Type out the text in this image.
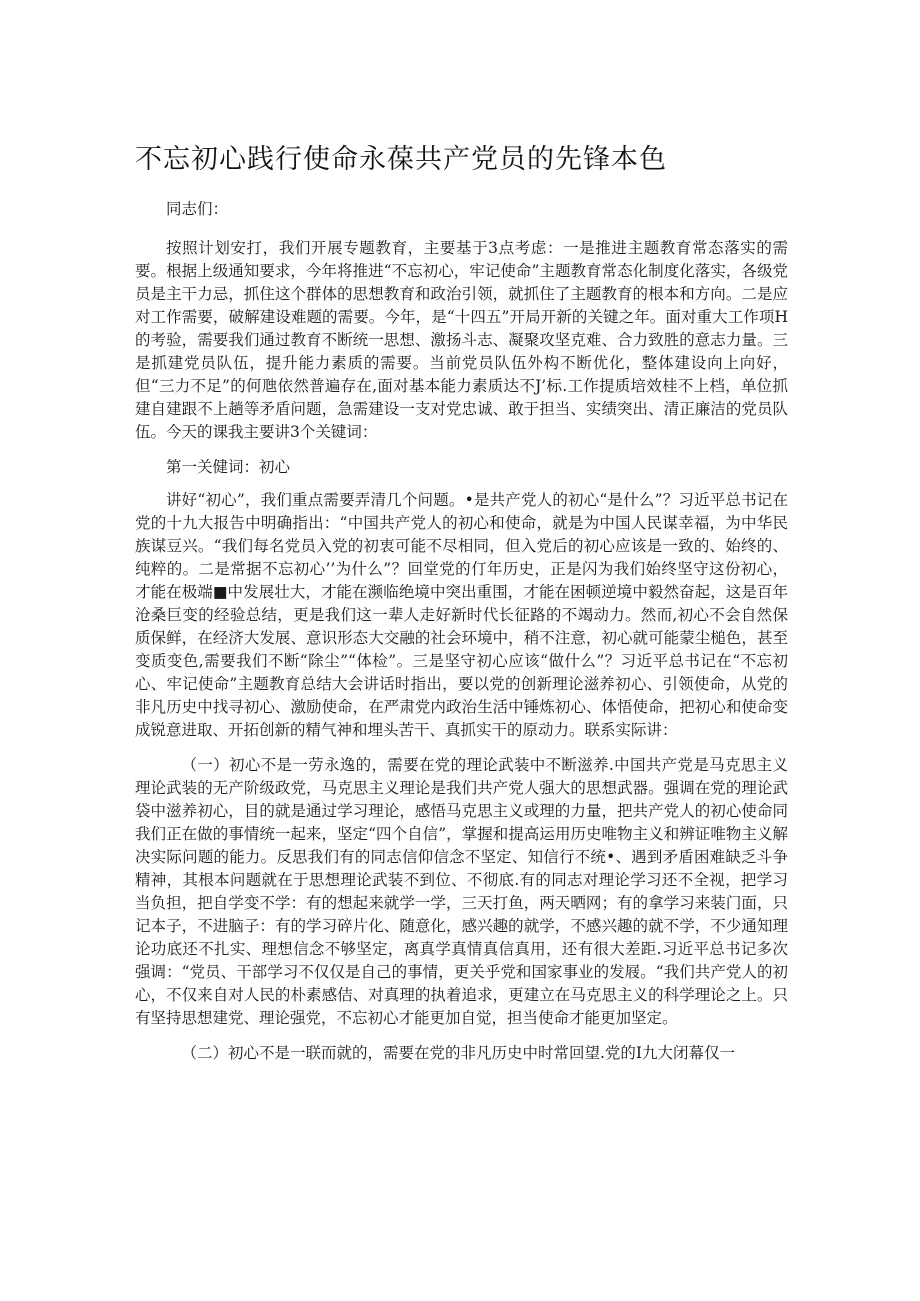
不忘初心践行使命永葆共产党员的先锋本色

同志们：

按照计划安打，我们开展专题教育，主要基于3点考虑：一是推进主题教育常态落实的需要。根据上级通知要求，今年将推进“不忘初心，牢记使命”主题教育常态化制度化落实，各级党员是主干力忌，抓住这个群体的思想教育和政治引领，就抓住了主题教育的根本和方向。二是应对工作需要，破解建设难题的需要。今年，是“十四五”开局开新的关键之年。面对重大工作项H的考验，需要我们通过教育不断统一思想、激扬斗志、凝聚攻坚克难、合力致胜的意志力量。三是抓建党员队伍，提升能力素质的需要。当前党员队伍外构不断优化，整体建设向上向好，但“三力不足”的何虺依然普遍存在,面对基本能力素质达不J’标.工作提质培效桂不上档，单位抓建自建跟不上趟等矛盾问题，急需建设一支对党忠诚、敢于担当、实绩突出、清正廉洁的党员队伍。今天的课我主要讲3个关键词：

第一关健词：初心

讲好“初心”，我们重点需要弄清几个问题。•是共产党人的初心“是什么”？习近平总书记在党的十九大报告中明确指出：“中国共产党人的初心和使命，就是为中国人民谋幸福，为中华民族谋豆兴。“我们每名党员入党的初衷可能不尽相同，但入党后的初心应该是一致的、始终的、纯粹的。二是常据不忘初心’’为什么”？回堂党的仃年历史，正是闪为我们始终坚守这份初心，才能在极端■中发展壮大，才能在濒临绝境中突出重围，才能在困顿逆境中毅然奋起，这是百年沧桑巨变的经验总结，更是我们这一辈人走好新时代长征路的不竭动力。然而,初心不会自然保质保鲜，在经济大发展、意识形态大交融的社会环境中，稍不注意，初心就可能蒙尘槌色，甚至变质变色,需要我们不断“除尘”“体检”。三是坚守初心应该“做什么”？习近平总书记在“不忘初心、牢记使命”主题教育总结大会讲话时指出，要以党的创新理论滋养初心、引领使命，从党的非凡历史中找寻初心、激励使命，在严肃党内政治生活中锤炼初心、体悟使命，把初心和使命变成锐意进取、开拓创新的精气神和埋头苦干、真抓实干的原动力。联系实际讲：

（一）初心不是一劳永逸的，需要在党的理论武装中不断滋养.中国共产党是马克思主义理论武装的无产阶级政党，马克思主义理论是我们共产党人强大的思想武器。强调在党的理论武袋中滋养初心，目的就是通过学习理论，感悟马克思主义或理的力量，把共产党人的初心使命同我们正在做的事情统一起来，坚定“四个自信”，掌握和提高运用历史唯物主义和辨证唯物主义解决实际问题的能力。反思我们有的同志信仰信念不坚定、知信行不统•、遇到矛盾困难缺乏斗争精神，其根本问题就在于思想理论武装不到位、不彻底.有的同志对理论学习还不全视，把学习当负担，把自学变不学：有的想起来就学一学，三天打鱼，两天晒网；有的拿学习来装门面，只记本子，不进脑子：有的学习碎片化、随意化，感兴趣的就学，不感兴趣的就不学，不少通知理论功底还不扎实、理想信念不够坚定，离真学真情真信真用，还有很大差距.习近平总书记多次强调：“党员、干部学习不仅仅是自己的事情，更关乎党和国家事业的发屐。“我们共产党人的初心，不仅来自对人民的朴素感佶、对真理的执着追求，更建立在马克思主义的科学理论之上。只有坚持思想建党、理论强党，不忘初心才能更加自觉，担当使命才能更加坚定。

（二）初心不是一联而就的，需要在党的非凡历史中时常回望.党的I九大闭幕仅一
